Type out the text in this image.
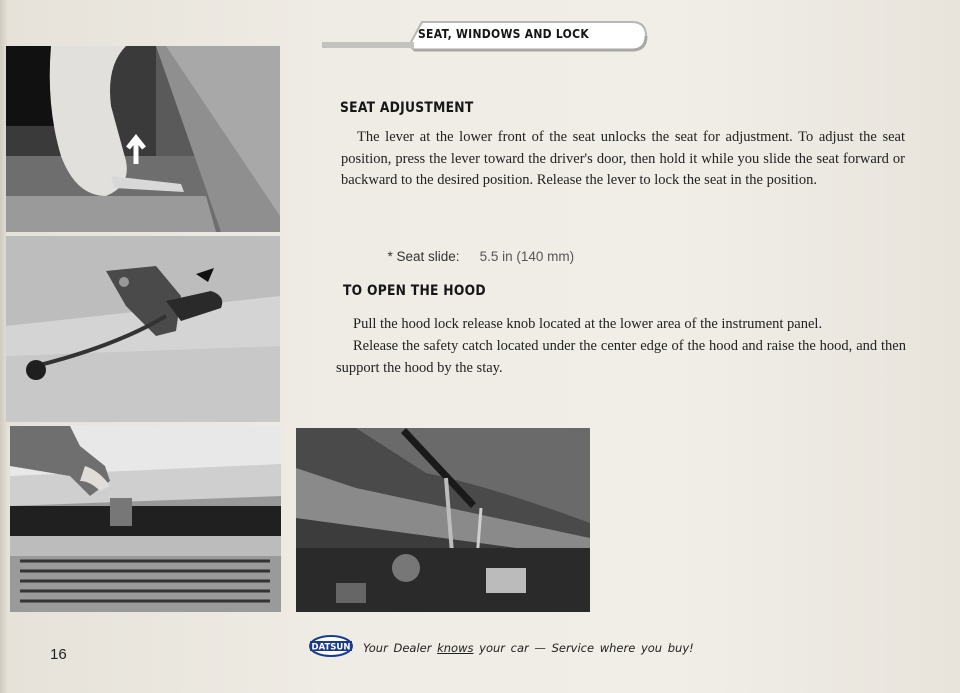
SEAT, WINDOWS AND LOCK
SEAT ADJUSTMENT

The lever at the lower front of the seat unlocks the seat for adjustment. To adjust the seat position, press the lever toward the driver's door, then hold it while you slide the seat forward or backward to the desired position. Release the lever to lock the seat in the position.

* Seat slide: 5.5 in (140 mm)

TO OPEN THE HOOD

Pull the hood lock release knob located at the lower area of the instrument panel.

Release the safety catch located under the center edge of the hood and raise the hood, and then support the hood by the stay.

DATSUN Your Dealer knows your car — Service where you buy!
16
